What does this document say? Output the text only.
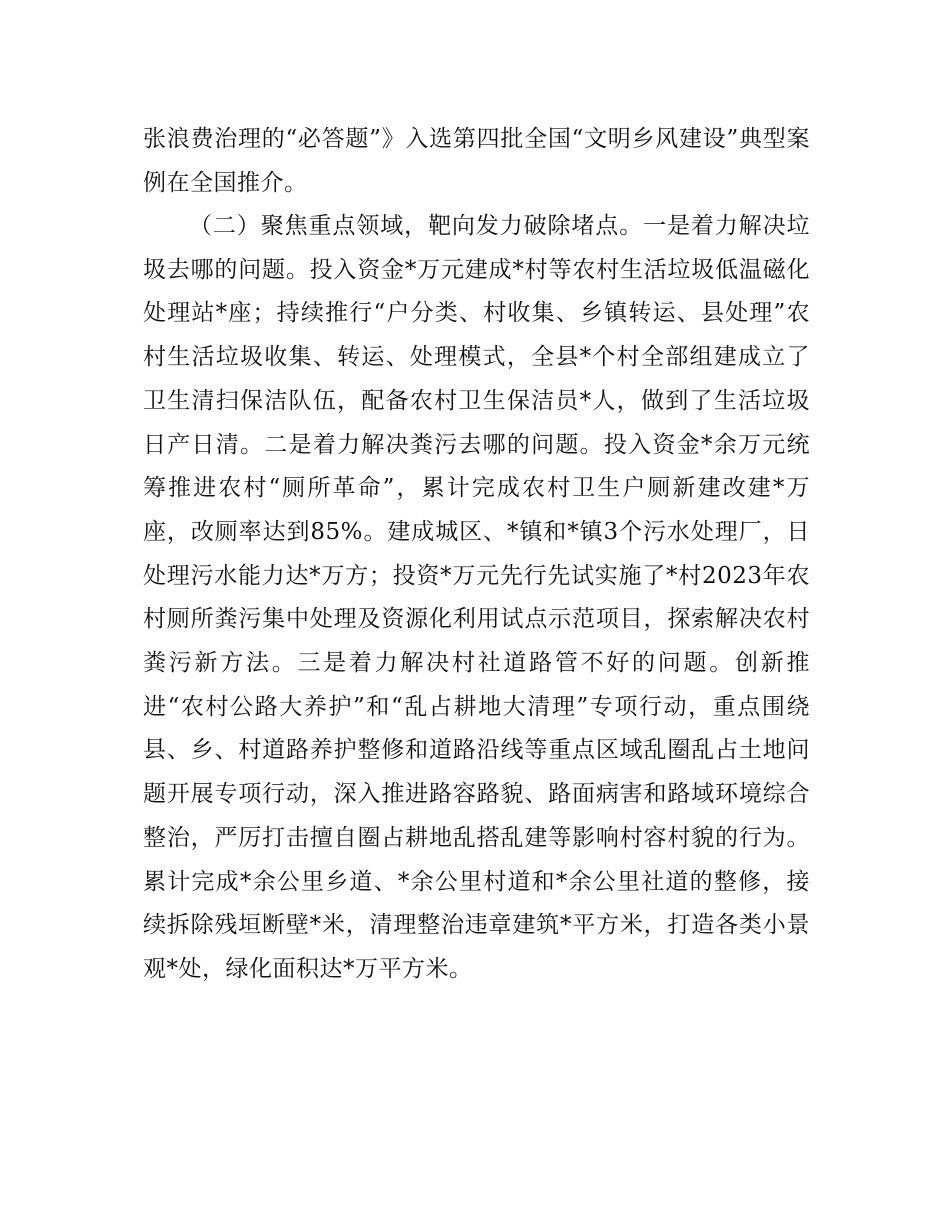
张浪费治理的“必答题”》入选第四批全国“文明乡风建设”典型案例在全国推介。

（二）聚焦重点领域，靶向发力破除堵点。一是着力解决垃圾去哪的问题。投入资金*万元建成*村等农村生活垃圾低温磁化处理站*座；持续推行“户分类、村收集、乡镇转运、县处理”农村生活垃圾收集、转运、处理模式，全县*个村全部组建成立了卫生清扫保洁队伍，配备农村卫生保洁员*人，做到了生活垃圾日产日清。二是着力解决粪污去哪的问题。投入资金*余万元统筹推进农村“厕所革命”，累计完成农村卫生户厕新建改建*万座，改厕率达到85%。建成城区、*镇和*镇3个污水处理厂，日处理污水能力达*万方；投资*万元先行先试实施了*村2023年农村厕所粪污集中处理及资源化利用试点示范项目，探索解决农村粪污新方法。三是着力解决村社道路管不好的问题。创新推进“农村公路大养护”和“乱占耕地大清理”专项行动，重点围绕县、乡、村道路养护整修和道路沿线等重点区域乱圈乱占土地问题开展专项行动，深入推进路容路貌、路面病害和路域环境综合整治，严厉打击擅自圈占耕地乱搭乱建等影响村容村貌的行为。累计完成*余公里乡道、*余公里村道和*余公里社道的整修，接续拆除残垣断壁*米，清理整治违章建筑*平方米，打造各类小景观*处，绿化面积达*万平方米。
